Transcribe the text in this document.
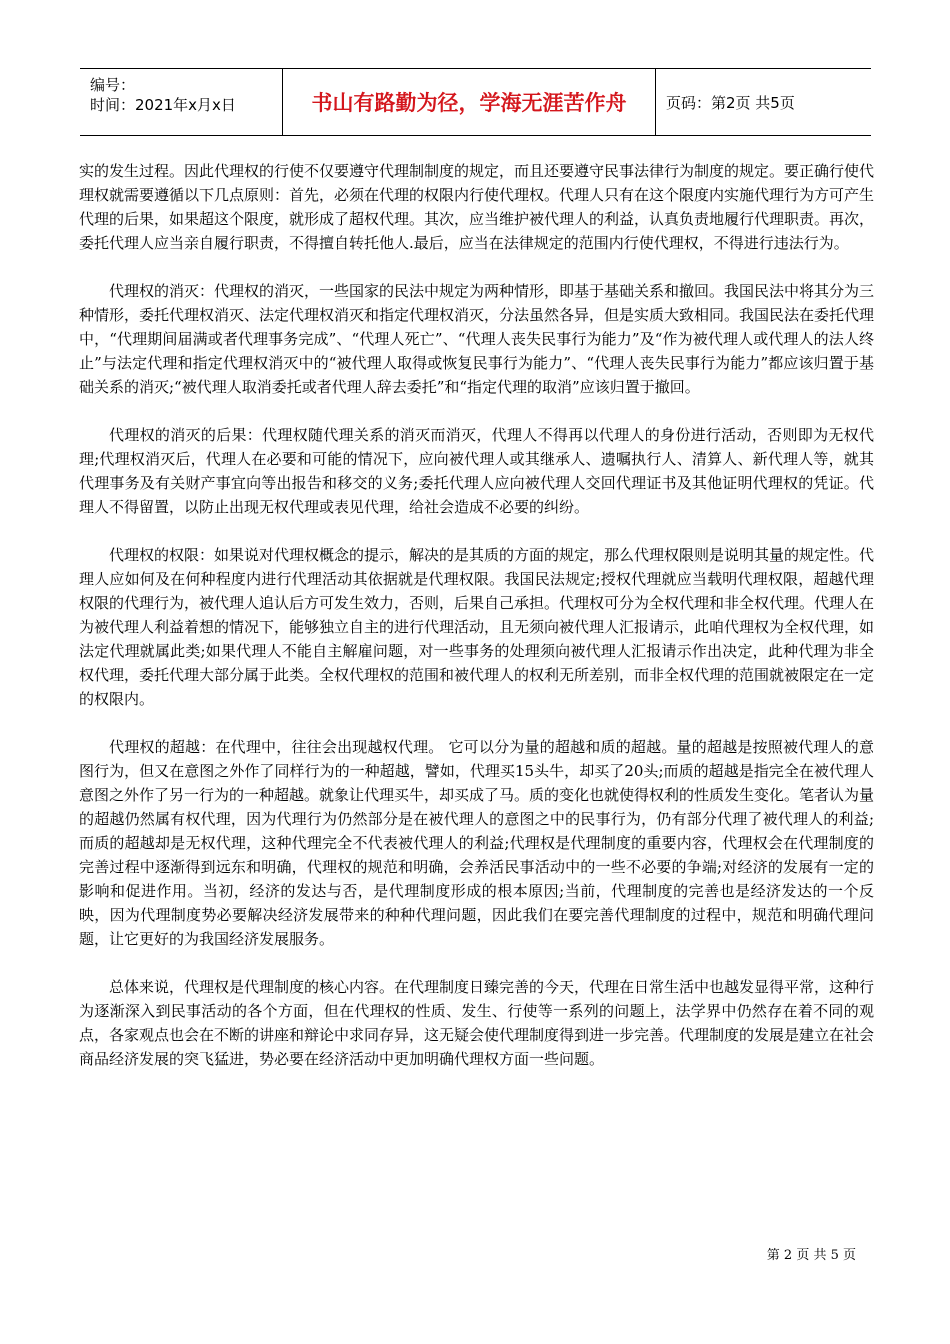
编号：
时间：2021年x月x日	书山有路勤为径，学海无涯苦作舟	页码：第2页 共5页

实的发生过程。因此代理权的行使不仅要遵守代理制制度的规定，而且还要遵守民事法律行为制度的规定。要正确行使代理权就需要遵循以下几点原则：首先，必须在代理的权限内行使代理权。代理人只有在这个限度内实施代理行为方可产生代理的后果，如果超这个限度，就形成了超权代理。其次，应当维护被代理人的利益，认真负责地履行代理职责。再次，委托代理人应当亲自履行职责，不得擅自转托他人.最后，应当在法律规定的范围内行使代理权，不得进行违法行为。

代理权的消灭：代理权的消灭，一些国家的民法中规定为两种情形，即基于基础关系和撤回。我国民法中将其分为三种情形，委托代理权消灭、法定代理权消灭和指定代理权消灭，分法虽然各异，但是实质大致相同。我国民法在委托代理中，“代理期间届满或者代理事务完成”、“代理人死亡”、“代理人丧失民事行为能力”及“作为被代理人或代理人的法人终止”与法定代理和指定代理权消灭中的“被代理人取得或恢复民事行为能力”、“代理人丧失民事行为能力”都应该归置于基础关系的消灭;“被代理人取消委托或者代理人辞去委托”和“指定代理的取消”应该归置于撤回。

代理权的消灭的后果：代理权随代理关系的消灭而消灭，代理人不得再以代理人的身份进行活动，否则即为无权代理;代理权消灭后，代理人在必要和可能的情况下，应向被代理人或其继承人、遗嘱执行人、清算人、新代理人等，就其代理事务及有关财产事宜向等出报告和移交的义务;委托代理人应向被代理人交回代理证书及其他证明代理权的凭证。代理人不得留置，以防止出现无权代理或表见代理，给社会造成不必要的纠纷。

代理权的权限：如果说对代理权概念的提示，解决的是其质的方面的规定，那么代理权限则是说明其量的规定性。代理人应如何及在何种程度内进行代理活动其依据就是代理权限。我国民法规定;授权代理就应当载明代理权限，超越代理权限的代理行为，被代理人追认后方可发生效力，否则，后果自己承担。代理权可分为全权代理和非全权代理。代理人在为被代理人利益着想的情况下，能够独立自主的进行代理活动，且无须向被代理人汇报请示，此咱代理权为全权代理，如法定代理就属此类;如果代理人不能自主解雇问题，对一些事务的处理须向被代理人汇报请示作出决定，此种代理为非全权代理，委托代理大部分属于此类。全权代理权的范围和被代理人的权利无所差别，而非全权代理的范围就被限定在一定的权限内。

代理权的超越：在代理中，往往会出现越权代理。 它可以分为量的超越和质的超越。量的超越是按照被代理人的意图行为，但又在意图之外作了同样行为的一种超越，譬如，代理买15头牛，却买了20头;而质的超越是指完全在被代理人意图之外作了另一行为的一种超越。就象让代理买牛，却买成了马。质的变化也就使得权利的性质发生变化。笔者认为量的超越仍然属有权代理，因为代理行为仍然部分是在被代理人的意图之中的民事行为，仍有部分代理了被代理人的利益;而质的超越却是无权代理，这种代理完全不代表被代理人的利益;代理权是代理制度的重要内容，代理权会在代理制度的完善过程中逐渐得到远东和明确，代理权的规范和明确，会养活民事活动中的一些不必要的争端;对经济的发展有一定的影响和促进作用。当初，经济的发达与否，是代理制度形成的根本原因;当前，代理制度的完善也是经济发达的一个反映，因为代理制度势必要解决经济发展带来的种种代理问题，因此我们在要完善代理制度的过程中，规范和明确代理问题，让它更好的为我国经济发展服务。

总体来说，代理权是代理制度的核心内容。在代理制度日臻完善的今天，代理在日常生活中也越发显得平常，这种行为逐渐深入到民事活动的各个方面，但在代理权的性质、发生、行使等一系列的问题上，法学界中仍然存在着不同的观点，各家观点也会在不断的讲座和辩论中求同存异，这无疑会使代理制度得到进一步完善。代理制度的发展是建立在社会商品经济发展的突飞猛进，势必要在经济活动中更加明确代理权方面一些问题。

第 2 页 共 5 页
